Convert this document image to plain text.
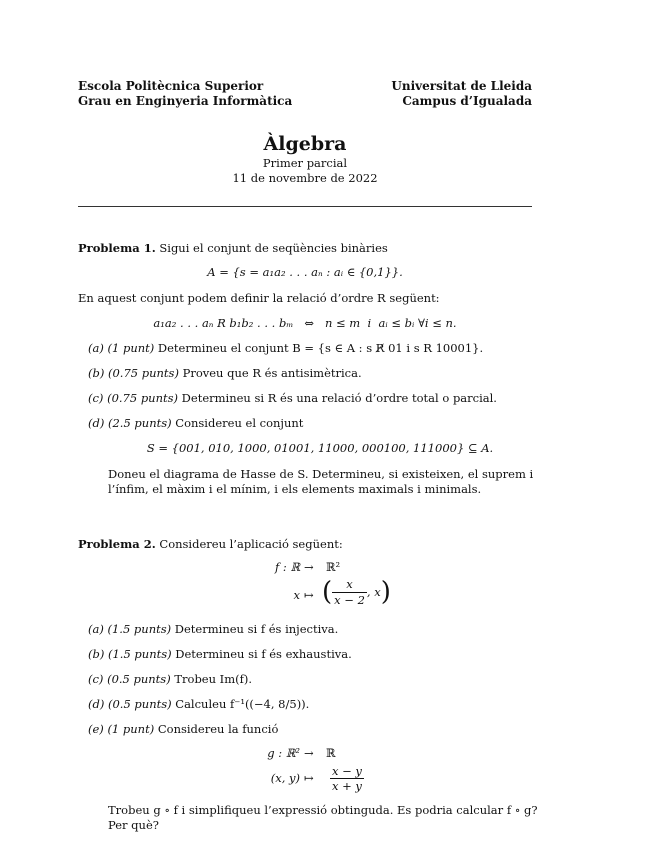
Escola Politècnica Superior
Grau en Enginyeria Informàtica
Universitat de Lleida
Campus d’Igualada
Àlgebra
Primer parcial
11 de novembre de 2022
Problema 1. Sigui el conjunt de seqüències binàries
A = {s = a₁a₂ . . . aₙ : aᵢ ∈ {0,1}}.
En aquest conjunt podem definir la relació d’ordre R següent:
a₁a₂ . . . aₙ R b₁b₂ . . . bₘ   ⇔   n ≤ m  i  aᵢ ≤ bᵢ ∀i ≤ n.
(a) (1 punt) Determineu el conjunt B = {s ∈ A : s R̸ 01 i s R 10001}.
(b) (0.75 punts) Proveu que R és antisimètrica.
(c) (0.75 punts) Determineu si R és una relació d’ordre total o parcial.
(d) (2.5 punts) Considereu el conjunt
S = {001, 010, 1000, 01001, 11000, 000100, 111000} ⊆ A.
Doneu el diagrama de Hasse de S. Determineu, si existeixen, el suprem i
l’ínfim, el màxim i el mínim, i els elements maximals i minimals.
Problema 2. Considereu l’aplicació següent:
f : ℝ → ℝ²
x ↦ ( $\frac{x}{x - 2}$ , x)
(a) (1.5 punts) Determineu si f és injectiva.
(b) (1.5 punts) Determineu si f és exhaustiva.
(c) (0.5 punts) Trobeu Im(f).
(d) (0.5 punts) Calculeu f⁻¹((−4, 8/5)).
(e) (1 punt) Considereu la funció
g : ℝ² → ℝ
(x, y) ↦ $\frac{x - y}{x + y}$
Trobeu g ∘ f i simplifiqueu l’expressió obtinguda. Es podria calcular f ∘ g?
Per què?
